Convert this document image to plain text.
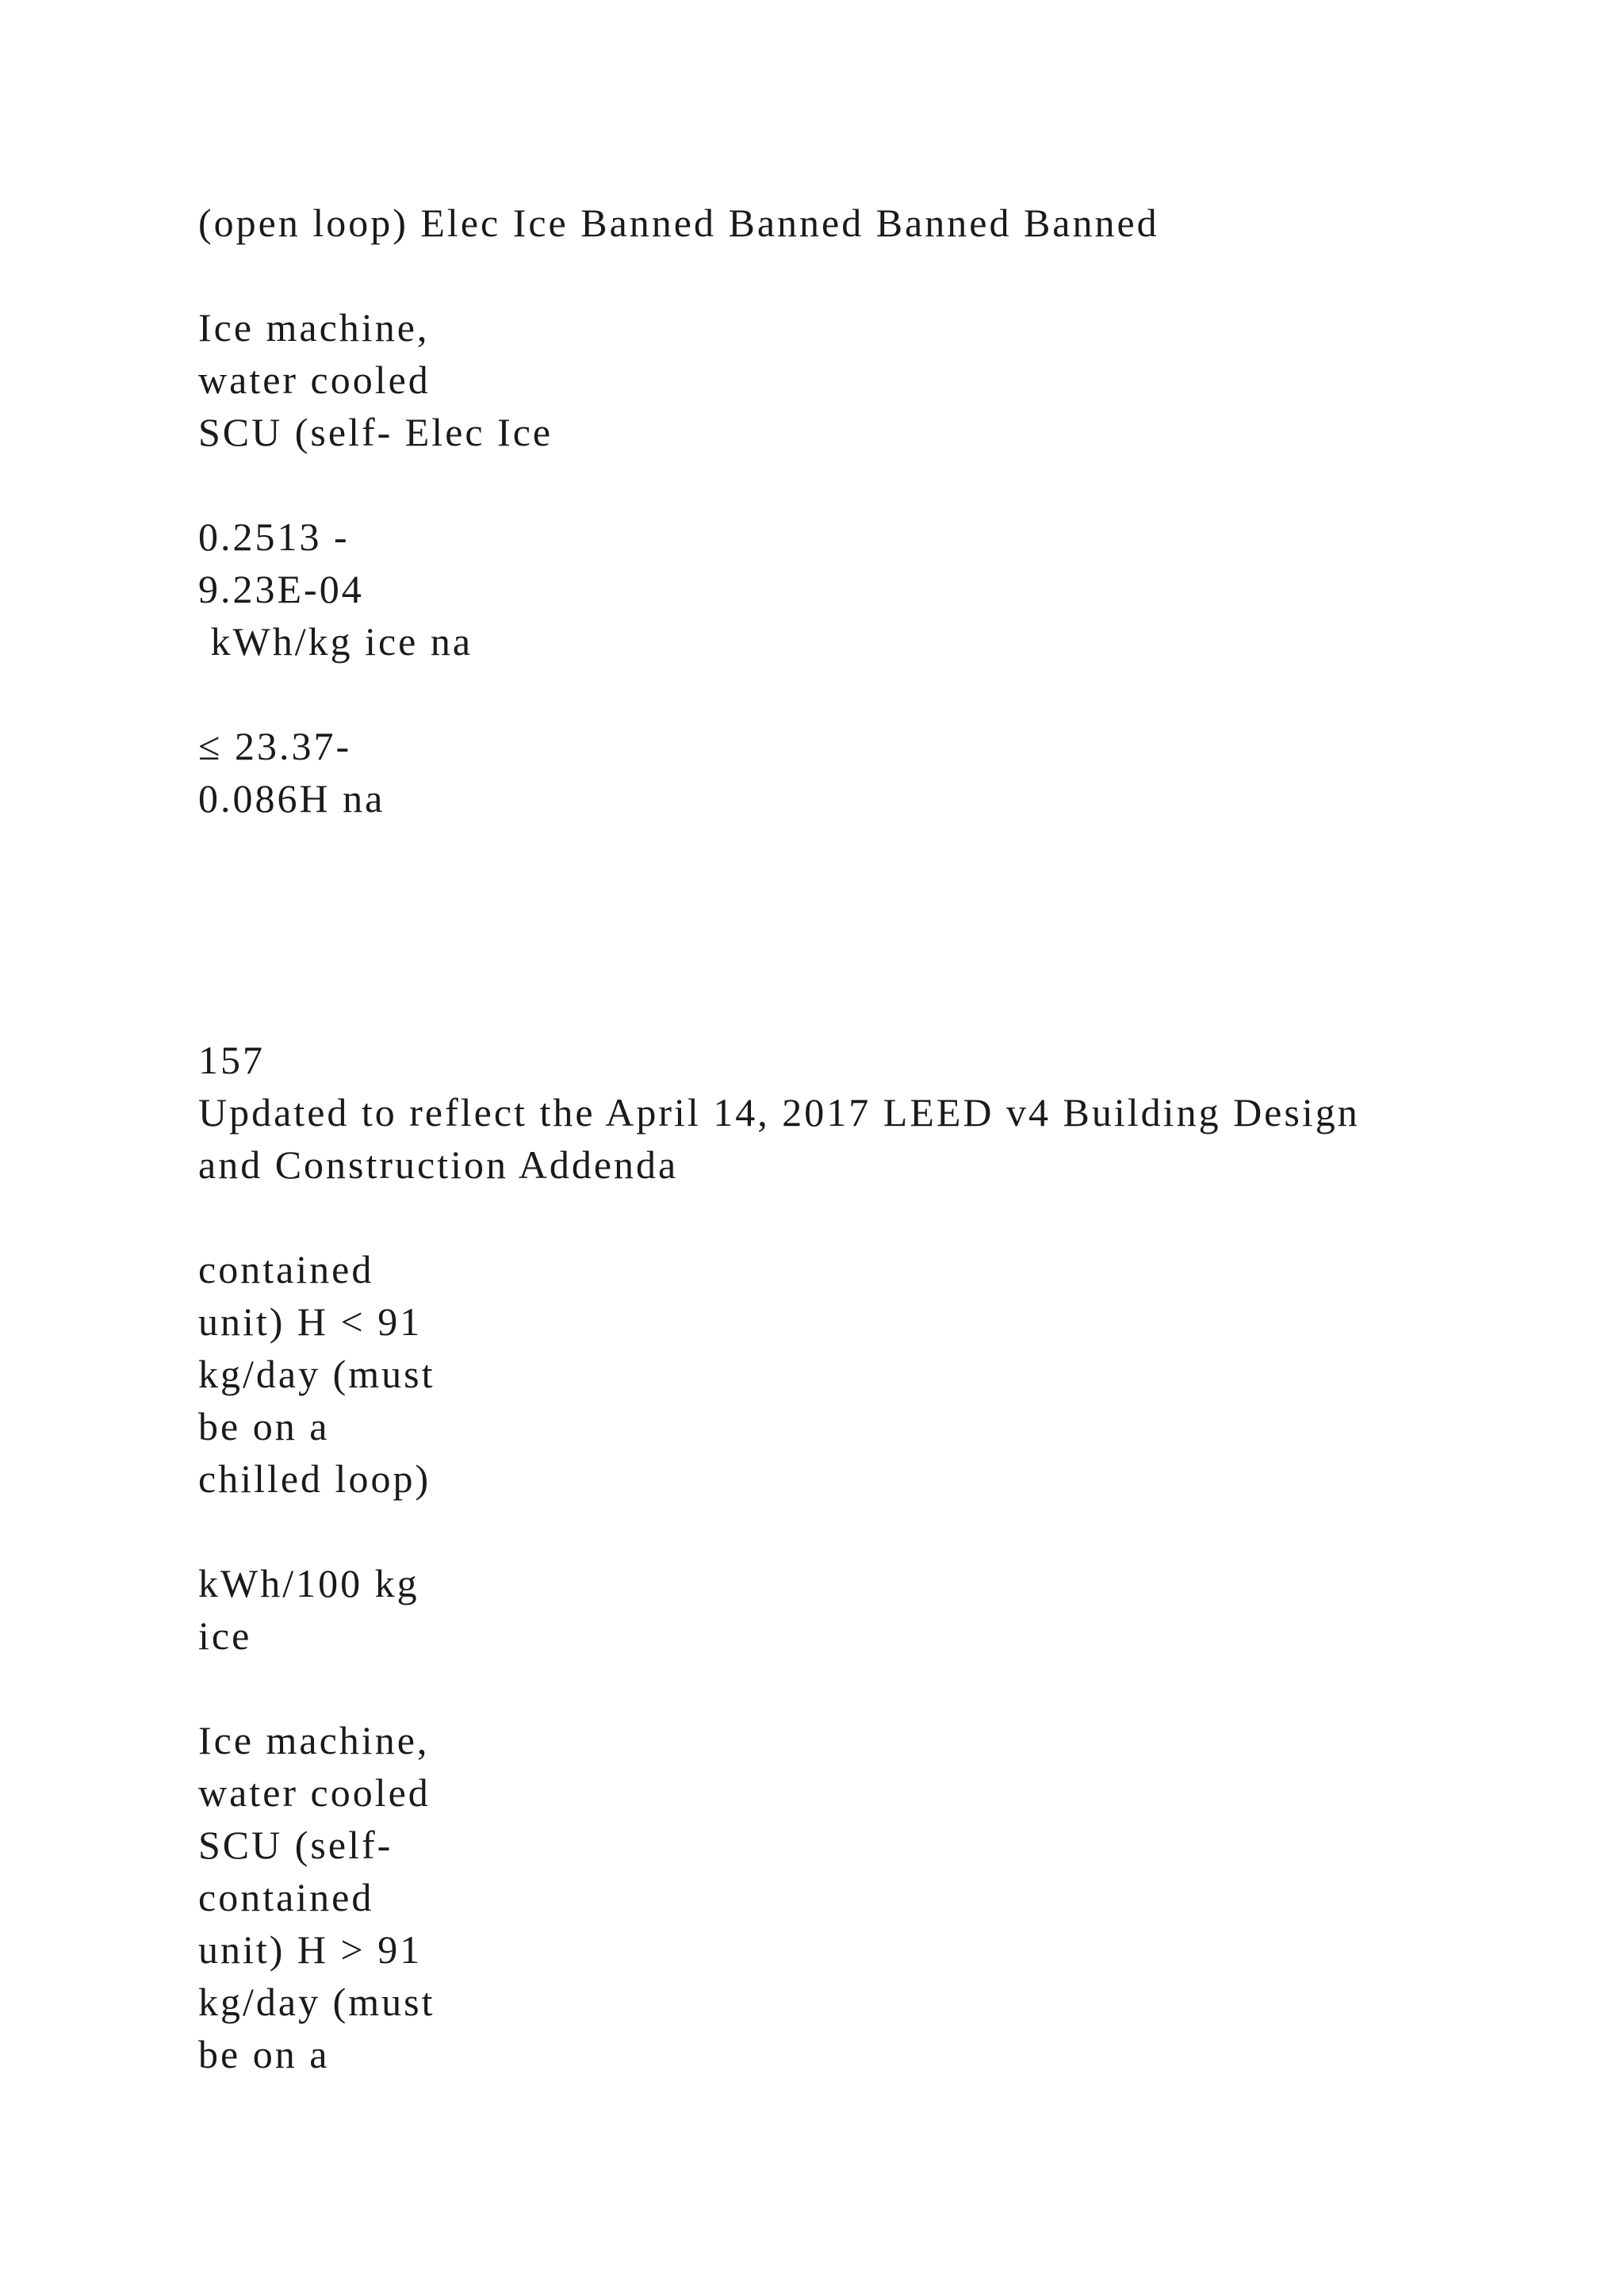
(open loop) Elec Ice Banned Banned Banned Banned

Ice machine,

water cooled

SCU (self- Elec Ice

0.2513 -

9.23E-04

kWh/kg ice na

≤ 23.37-

0.086H na

157

Updated to reflect the April 14, 2017 LEED v4 Building Design

and Construction Addenda

contained

unit) H < 91

kg/day (must

be on a

chilled loop)

kWh/100 kg

ice

Ice machine,

water cooled

SCU (self-

contained

unit) H > 91

kg/day (must

be on a
